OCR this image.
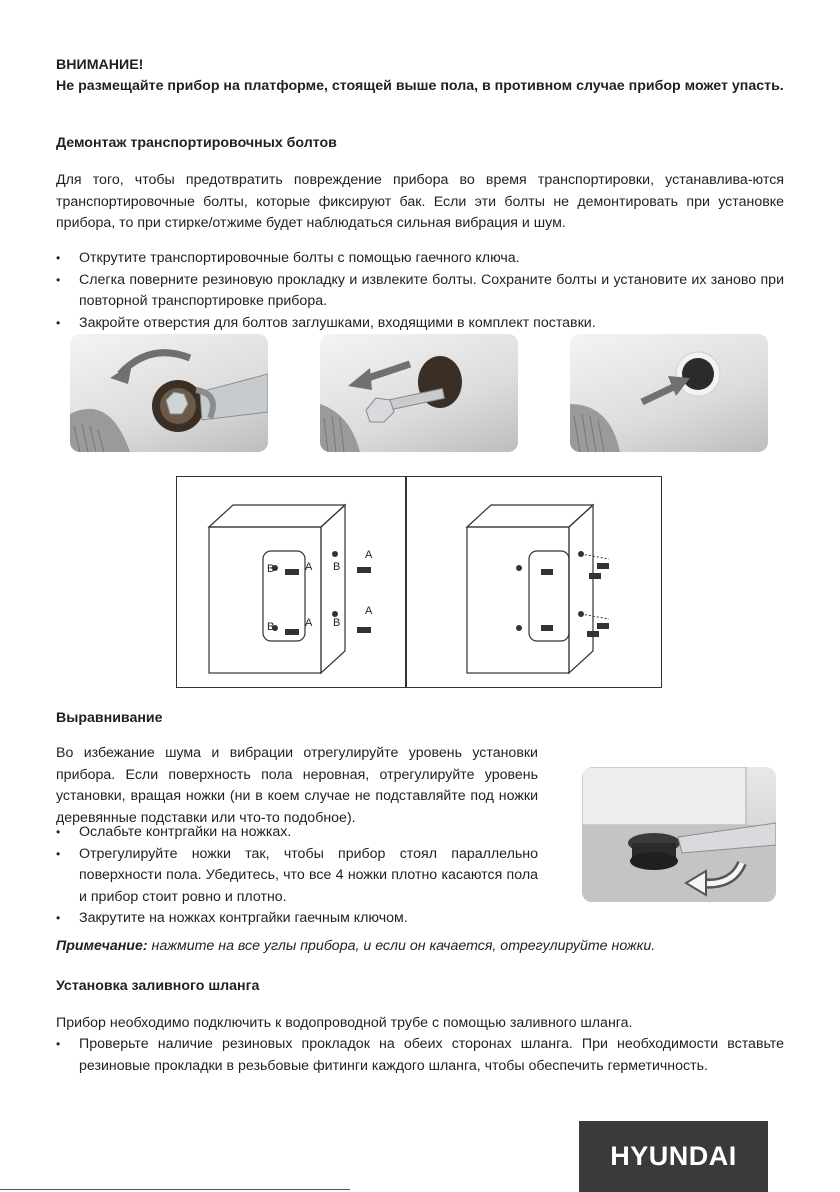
ВНИМАНИЕ!
Не размещайте прибор на платформе, стоящей выше пола, в противном случае прибор может упасть.
Демонтаж транспортировочных болтов
Для того, чтобы предотвратить повреждение прибора во время транспортировки, устанавлива-ются транспортировочные болты, которые фиксируют бак. Если эти болты не демонтировать при установке прибора, то при стирке/отжиме будет наблюдаться сильная вибрация и шум.
• Открутите транспортировочные болты с помощью гаечного ключа.
• Слегка поверните резиновую прокладку и извлеките болты. Сохраните болты и установите их заново при повторной транспортировке прибора.
• Закройте отверстия для болтов заглушками, входящими в комплект поставки.
B	A B
A
B	A B
A
Выравнивание
Во избежание шума и вибрации отрегулируйте уровень установки прибора. Если поверхность пола неровная, отрегулируйте уровень установки, вращая ножки (ни в коем случае не подставляйте под ножки деревянные подставки или что-то подобное).
• Ослабьте контргайки на ножках.
• Отрегулируйте ножки так, чтобы прибор стоял параллельно поверхности пола. Убедитесь, что все 4 ножки плотно касаются пола и прибор стоит ровно и плотно.
• Закрутите на ножках контргайки гаечным ключом.
Примечание: нажмите на все углы прибора, и если он качается, отрегулируйте ножки.
Установка заливного шланга
Прибор необходимо подключить к водопроводной трубе с помощью заливного шланга.
• Проверьте наличие резиновых прокладок на обеих сторонах шланга. При необходимости вставьте резиновые прокладки в резьбовые фитинги каждого шланга, чтобы обеспечить герметичность.
HYUNDAI
